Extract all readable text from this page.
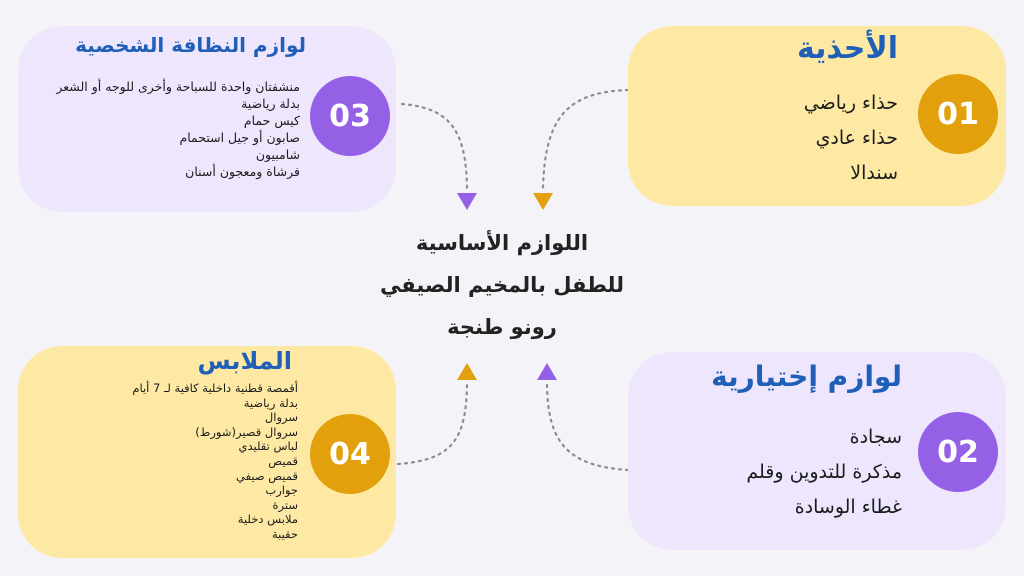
الأحذية
حذاء رياضي
حذاء عادي
سندالا
01
لوازم إختيارية
سجادة
مذكرة للتدوين وقلم
غطاء الوسادة
02
لوازم النظافة الشخصية
منشفتان واحدة للسباحة وأخرى للوجه أو الشعر
بدلة رياضية
كيس حمام
صابون أو جيل استحمام
شامبيون
فرشاة ومعجون أسنان
03
الملابس
أقمصة قطنية داخلية كافية لـ 7 أيام
بدلة رياضية
سروال
سروال قصير(شورط)
لباس تقليدي
قميص
قميص صيفي
جوارب
سترة
ملابس دخلية
حقيبة
04
اللوازم الأساسية
للطفل بالمخيم الصيفي
رونو طنجة
